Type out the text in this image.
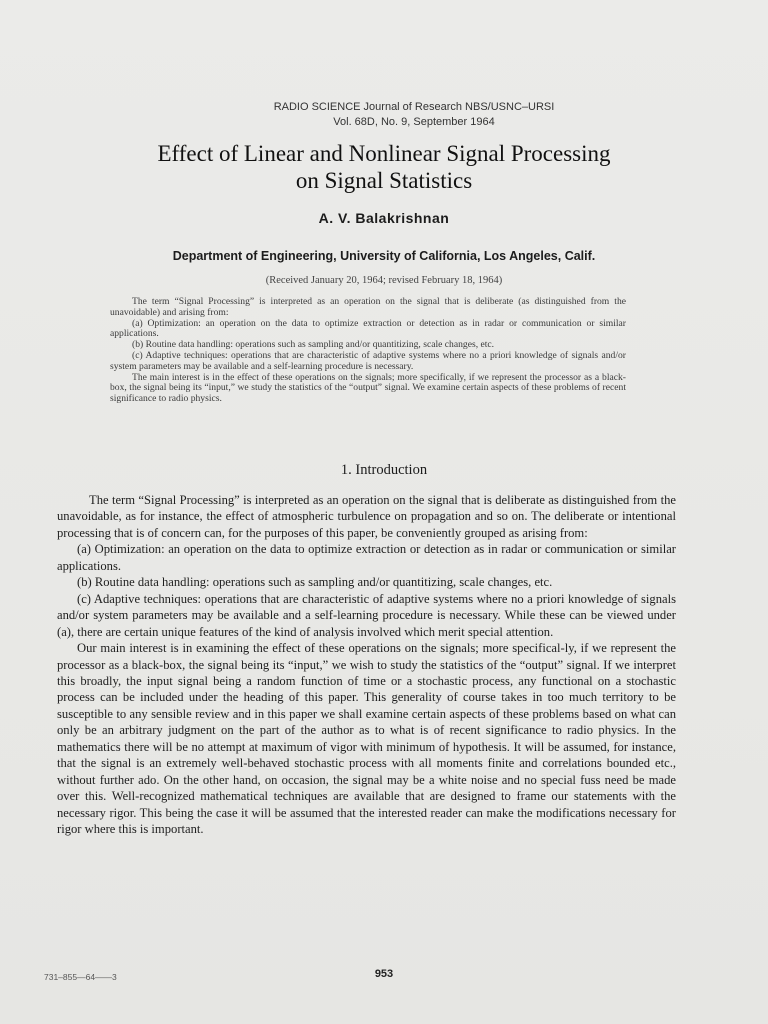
RADIO SCIENCE Journal of Research NBS/USNC–URSI
Vol. 68D, No. 9, September 1964
Effect of Linear and Nonlinear Signal Processing
on Signal Statistics
A. V. Balakrishnan
Department of Engineering, University of California, Los Angeles, Calif.
(Received January 20, 1964; revised February 18, 1964)

The term “Signal Processing” is interpreted as an operation on the signal that is deliberate (as distinguished from the unavoidable) and arising from:

(a) Optimization: an operation on the data to optimize extraction or detection as in radar or communication or similar applications.

(b) Routine data handling: operations such as sampling and/or quantitizing, scale changes, etc.

(c) Adaptive techniques: operations that are characteristic of adaptive systems where no a priori knowledge of signals and/or system parameters may be available and a self-learning procedure is necessary.

The main interest is in the effect of these operations on the signals; more specifically, if we represent the processor as a black-box, the signal being its “input,” we study the statistics of the “output” signal. We examine certain aspects of these problems of recent significance to radio physics.

1. Introduction

The term “Signal Processing” is interpreted as an operation on the signal that is deliberate as distinguished from the unavoidable, as for instance, the effect of atmospheric turbulence on propagation and so on. The deliberate or intentional processing that is of concern can, for the purposes of this paper, be conveniently grouped as arising from:

(a) Optimization: an operation on the data to optimize extraction or detection as in radar or communication or similar applications.

(b) Routine data handling: operations such as sampling and/or quantitizing, scale changes, etc.

(c) Adaptive techniques: operations that are characteristic of adaptive systems where no a priori knowledge of signals and/or system parameters may be available and a self-learning procedure is necessary. While these can be viewed under (a), there are certain unique features of the kind of analysis involved which merit special attention.

Our main interest is in examining the effect of these operations on the signals; more specifical-ly, if we represent the processor as a black-box, the signal being its “input,” we wish to study the statistics of the “output” signal. If we interpret this broadly, the input signal being a random function of time or a stochastic process, any functional on a stochastic process can be included under the heading of this paper. This generality of course takes in too much territory to be susceptible to any sensible review and in this paper we shall examine certain aspects of these problems based on what can only be an arbitrary judgment on the part of the author as to what is of recent significance to radio physics. In the mathematics there will be no attempt at maximum of vigor with minimum of hypothesis. It will be assumed, for instance, that the signal is an extremely well-behaved stochastic process with all moments finite and correlations bounded etc., without further ado. On the other hand, on occasion, the signal may be a white noise and no special fuss need be made over this. Well-recognized mathematical techniques are available that are designed to frame our statements with the necessary rigor. This being the case it will be assumed that the interested reader can make the modifications necessary for rigor where this is important.

731–855—64——3	953
